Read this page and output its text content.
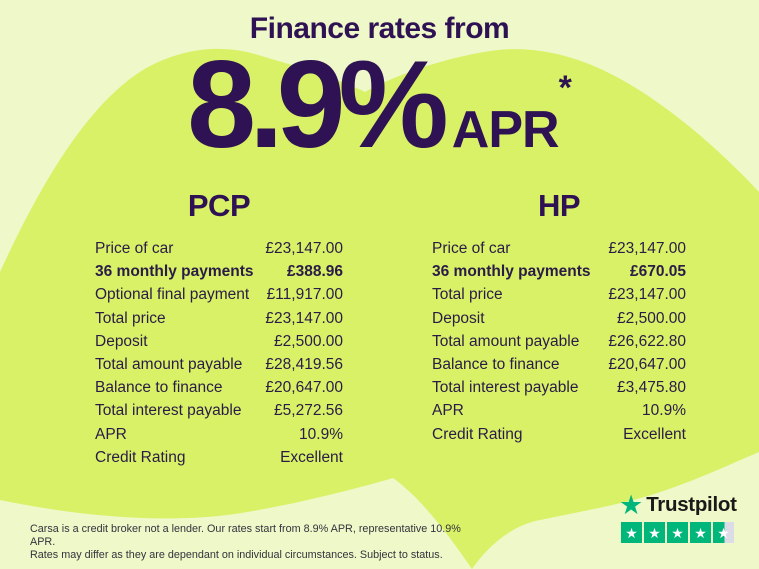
Finance rates from
8.9% APR
*
PCP
Price of car	£23,147.00
36 monthly payments £388.96
Optional final payment £11,917.00
Total price	£23,147.00
Deposit	£2,500.00
Total amount payable £28,419.56
Balance to finance	£20,647.00
Total interest payable £5,272.56
APR	10.9%
Credit Rating	Excellent
HP
Price of car	£23,147.00
36 monthly payments	£670.05
Total price	£23,147.00
Deposit	£2,500.00
Total amount payable £26,622.80
Balance to finance	£20,647.00
Total interest payable £3,475.80
APR	10.9%
Credit Rating	Excellent

Carsa is a credit broker not a lender. Our rates start from 8.9% APR, representative 10.9% APR.
Rates may differ as they are dependant on individual circumstances. Subject to status.

★ Trustpilot
★ ★ ★ ★ ★
